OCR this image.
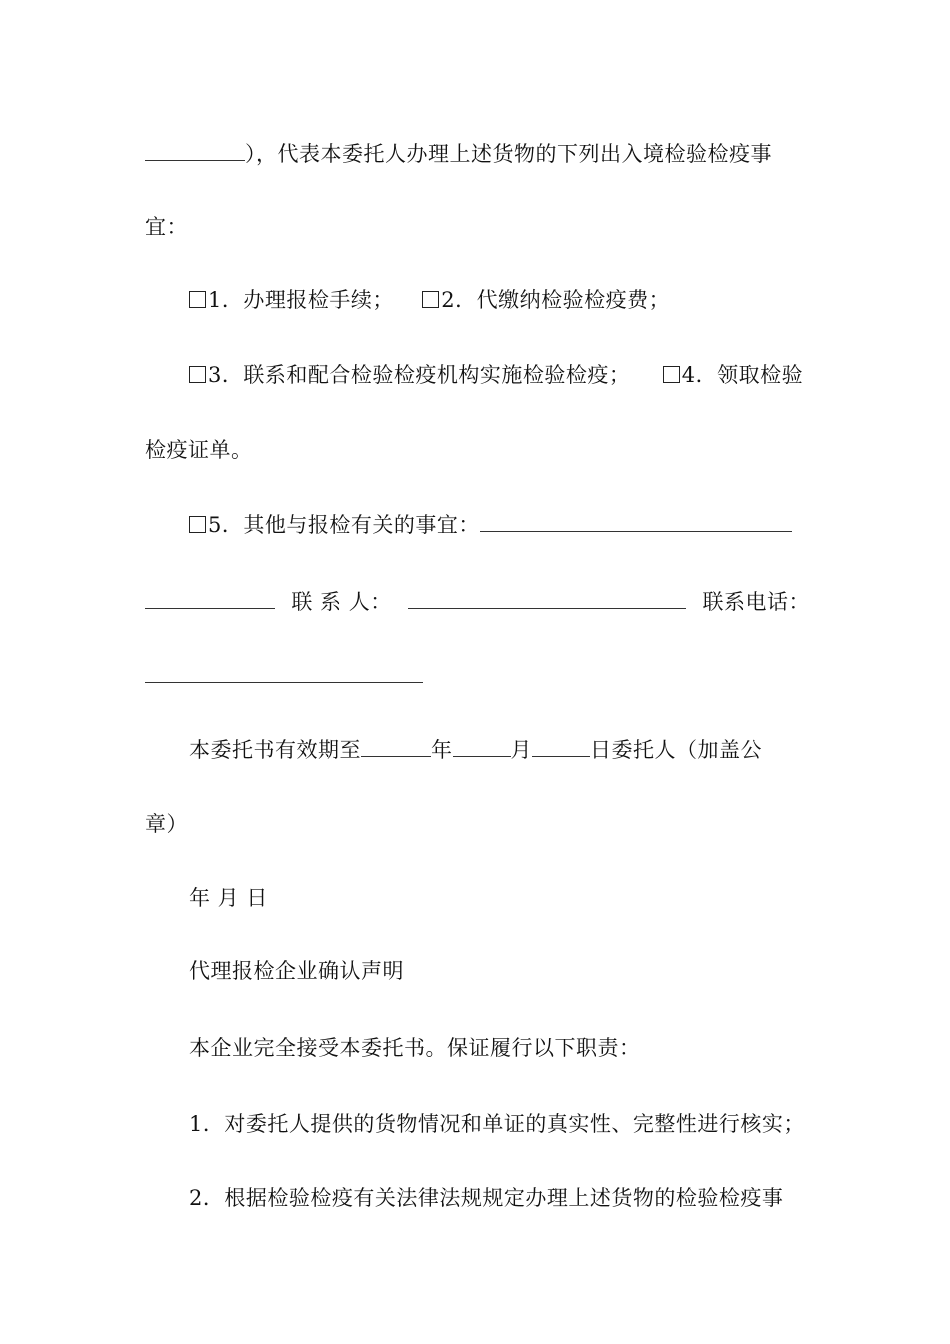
），代表本委托人办理上述货物的下列出入境检验检疫事
宜：
1．办理报检手续； 2．代缴纳检验检疫费；
3．联系和配合检验检疫机构实施检验检疫； 4．领取检验
检疫证单。
5．其他与报检有关的事宜：
联 系 人：	联系电话：
本委托书有效期至	年	月	日委托人（加盖公
章）
年 月 日
代理报检企业确认声明
本企业完全接受本委托书。保证履行以下职责：
1．对委托人提供的货物情况和单证的真实性、完整性进行核实；
2．根据检验检疫有关法律法规规定办理上述货物的检验检疫事
